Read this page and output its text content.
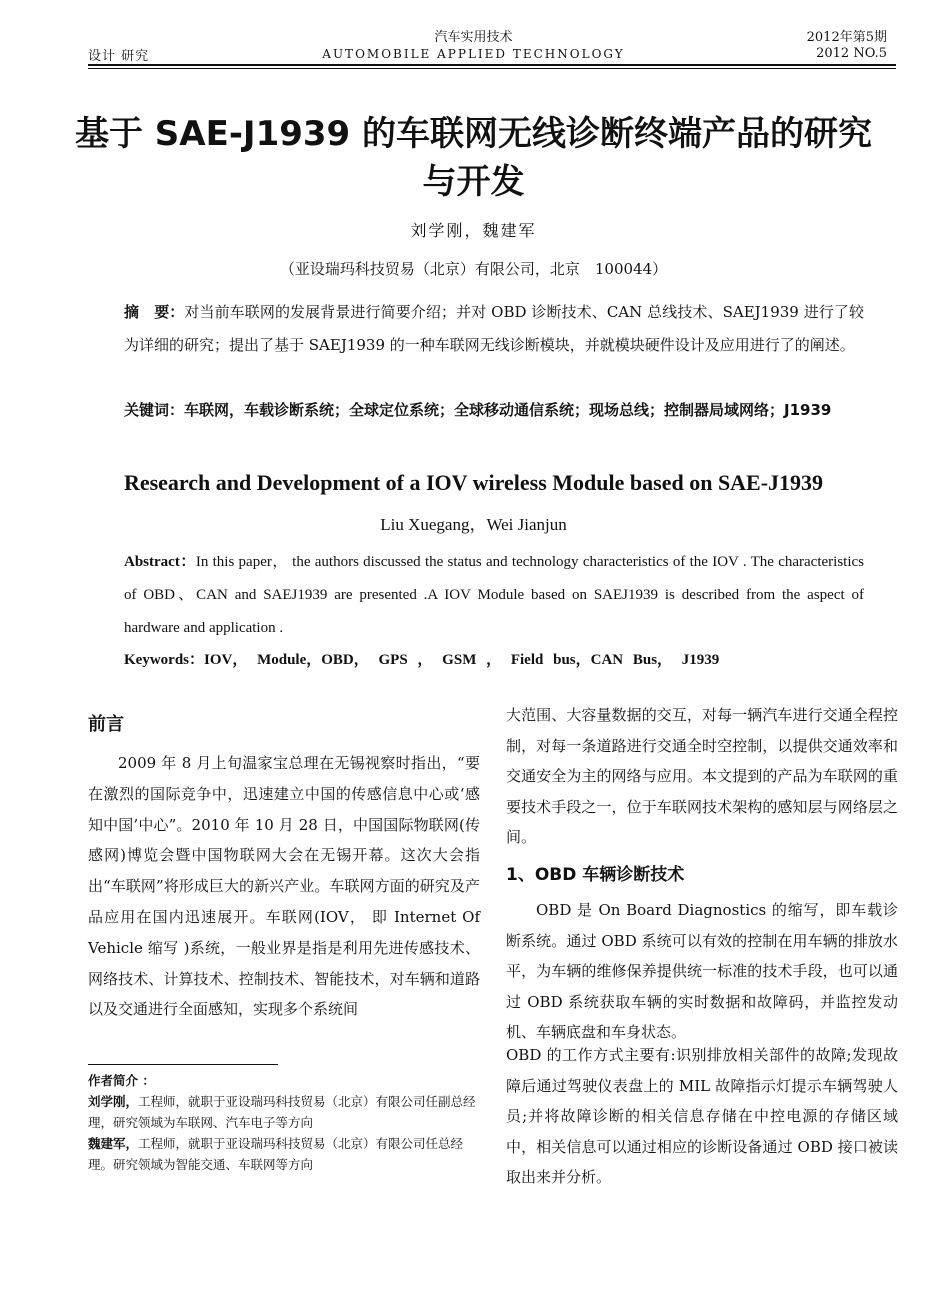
设计 研究
汽车实用技术
AUTOMOBILE APPLIED TECHNOLOGY
2012年第5期
2012 NO.5
基于 SAE-J1939 的车联网无线诊断终端产品的研究与开发
刘学刚，魏建军
（亚设瑞玛科技贸易（北京）有限公司，北京　100044）
摘　要：对当前车联网的发展背景进行简要介绍；并对 OBD 诊断技术、CAN 总线技术、SAEJ1939 进行了较为详细的研究；提出了基于 SAEJ1939 的一种车联网无线诊断模块，并就模块硬件设计及应用进行了的阐述。
关键词：车联网，车载诊断系统；全球定位系统；全球移动通信系统；现场总线；控制器局域网络；J1939
Research and Development of a IOV wireless Module based on SAE-J1939
Liu Xuegang，Wei Jianjun
Abstract：In this paper， the authors discussed the status and technology characteristics of the IOV . The characteristics of OBD、CAN and SAEJ1939 are presented .A IOV Module based on SAEJ1939 is described from the aspect of hardware and application .
Keywords：IOV， Module，OBD， GPS ， GSM ， Field bus，CAN Bus， J1939
前言
2009 年 8 月上旬温家宝总理在无锡视察时指出，“要在激烈的国际竞争中，迅速建立中国的传感信息中心或‘感知中国’中心”。2010 年 10 月 28 日，中国国际物联网(传感网)博览会暨中国物联网大会在无锡开幕。这次大会指出“车联网”将形成巨大的新兴产业。车联网方面的研究及产品应用在国内迅速展开。车联网(IOV， 即 Internet Of Vehicle 缩写 )系统，一般业界是指是利用先进传感技术、网络技术、计算技术、控制技术、智能技术，对车辆和道路以及交通进行全面感知，实现多个系统间
作者简介 ：
刘学刚，工程师，就职于亚设瑞玛科技贸易（北京）有限公司任副总经理，研究领域为车联网、汽车电子等方向
魏建军，工程师，就职于亚设瑞玛科技贸易（北京）有限公司任总经理。研究领域为智能交通、车联网等方向
大范围、大容量数据的交互，对每一辆汽车进行交通全程控制，对每一条道路进行交通全时空控制，以提供交通效率和交通安全为主的网络与应用。本文提到的产品为车联网的重要技术手段之一，位于车联网技术架构的感知层与网络层之间。
1、OBD 车辆诊断技术
OBD 是 On Board Diagnostics 的缩写，即车载诊断系统。通过 OBD 系统可以有效的控制在用车辆的排放水平，为车辆的维修保养提供统一标准的技术手段，也可以通过 OBD 系统获取车辆的实时数据和故障码，并监控发动机、车辆底盘和车身状态。
OBD 的工作方式主要有:识别排放相关部件的故障;发现故障后通过驾驶仪表盘上的 MIL 故障指示灯提示车辆驾驶人员;并将故障诊断的相关信息存储在中控电源的存储区域中，相关信息可以通过相应的诊断设备通过 OBD 接口被读取出来并分析。
